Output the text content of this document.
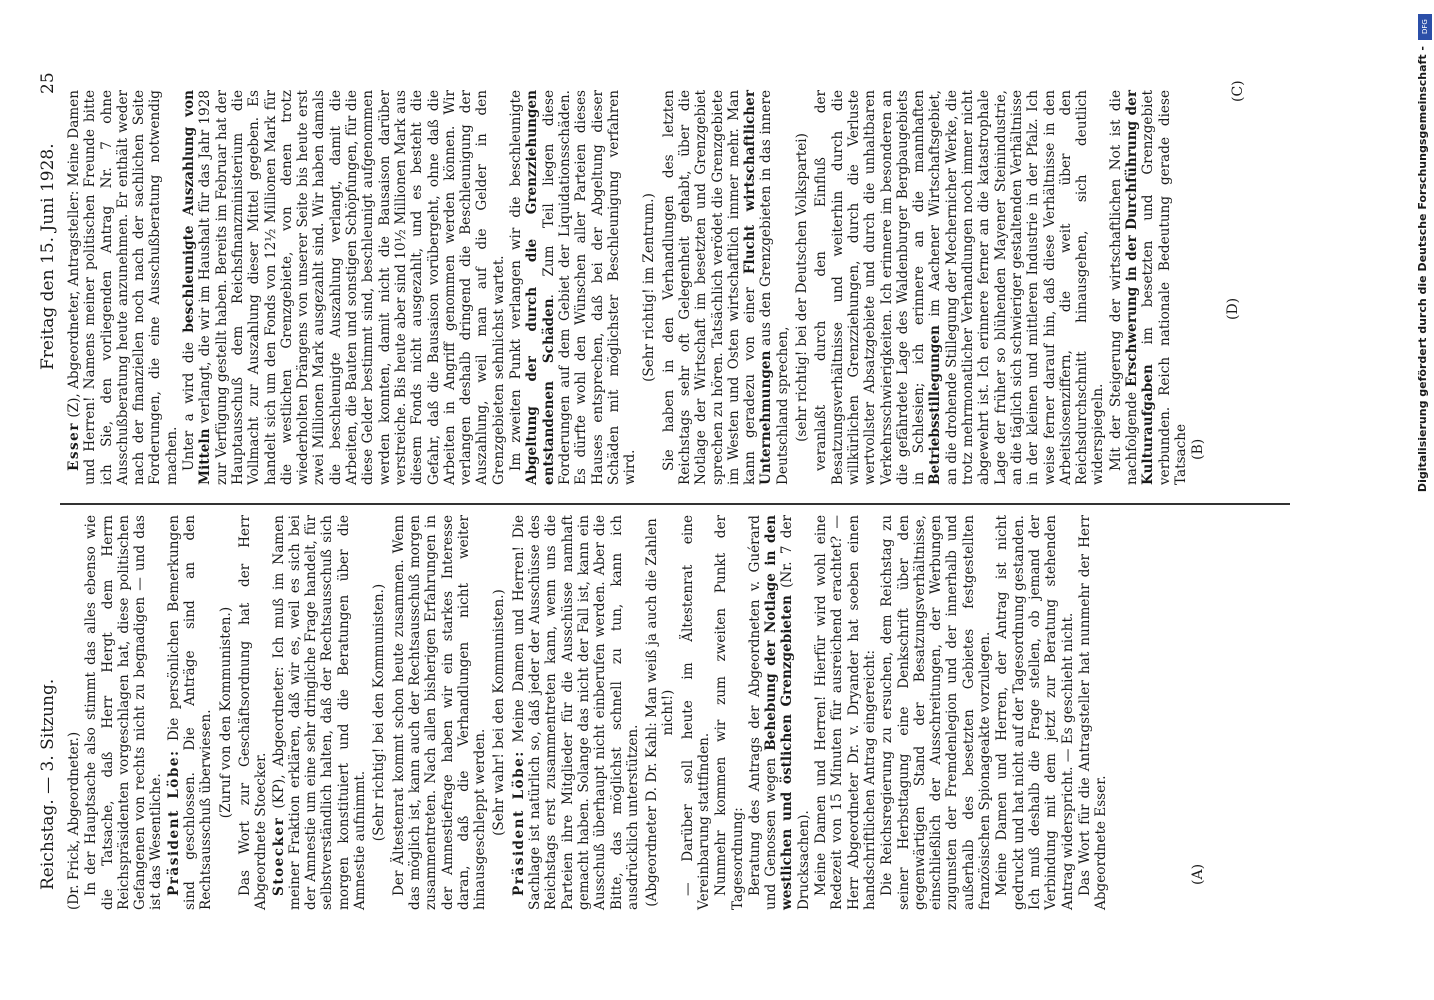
Reichstag. — 3. Sitzung.
Freitag den 15. Juni 1928.
25
(A)
(B)
(C)
(D)

(Dr. Frick, Abgeordneter.) In der Hauptsache also stimmt das alles ebenso wie die Tatsache, daß Herr Hergt dem Herrn Reichspräsidenten vorgeschlagen hat, diese politischen Gefangenen von rechts nicht zu begnadigen — und das ist das Wesentliche. Präsident Löbe: Die persönlichen Bemerkungen sind geschlossen. Die Anträge sind an den Rechtsausschuß überwiesen. (Zuruf von den Kommunisten.) Das Wort zur Geschäftsordnung hat der Herr Abgeordnete Stoecker. Stoecker (KP), Abgeordneter: Ich muß im Namen meiner Fraktion erklären, daß wir es, weil es sich bei der Amnestie um eine sehr dringliche Frage handelt, für selbstverständlich halten, daß der Rechtsausschuß sich morgen konstituiert und die Beratungen über die Amnestie aufnimmt. (Sehr richtig! bei den Kommunisten.) Der Ältestenrat kommt schon heute zusammen. Wenn das möglich ist, kann auch der Rechtsausschuß morgen zusammentreten. Nach allen bisherigen Erfahrungen in der Amnestiefrage haben wir ein starkes Interesse daran, daß die Verhandlungen nicht weiter hinausgeschleppt werden. (Sehr wahr! bei den Kommunisten.) Präsident Löbe: Meine Damen und Herren! Die Sachlage ist natürlich so, daß jeder der Ausschüsse des Reichstags erst zusammentreten kann, wenn uns die Parteien ihre Mitglieder für die Ausschüsse namhaft gemacht haben. Solange das nicht der Fall ist, kann ein Ausschuß überhaupt nicht einberufen werden. Aber die Bitte, das möglichst schnell zu tun, kann ich ausdrücklich unterstützen. (Abgeordneter D. Dr. Kahl: Man weiß ja auch die Zahlen nicht!) — Darüber soll heute im Ältestenrat eine Vereinbarung stattfinden. Nunmehr kommen wir zum zweiten Punkt der Tagesordnung: Beratung des Antrags der Abgeordneten v. Guérard und Genossen wegen Behebung der Notlage in den westlichen und östlichen Grenzgebieten (Nr. 7 der Drucksachen). Meine Damen und Herren! Hierfür wird wohl eine Redezeit von 15 Minuten für ausreichend erachtet? — Herr Abgeordneter Dr. v. Dryander hat soeben einen handschriftlichen Antrag eingereicht: Die Reichsregierung zu ersuchen, dem Reichstag zu seiner Herbsttagung eine Denkschrift über den gegenwärtigen Stand der Besatzungsverhältnisse, einschließlich der Ausschreitungen, der Werbungen zugunsten der Fremdenlegion und der innerhalb und außerhalb des besetzten Gebietes festgestellten französischen Spionageakte vorzulegen. Meine Damen und Herren, der Antrag ist nicht gedruckt und hat nicht auf der Tagesordnung gestanden. Ich muß deshalb die Frage stellen, ob jemand der Verbindung mit dem jetzt zur Beratung stehenden Antrag widerspricht. — Es geschieht nicht. Das Wort für die Antragsteller hat nunmehr der Herr Abgeordnete Esser.

Esser (Z), Abgeordneter, Antragsteller: Meine Damen und Herren! Namens meiner politischen Freunde bitte ich Sie, den vorliegenden Antrag Nr. 7 ohne Ausschußberatung heute anzunehmen. Er enthält weder nach der finanziellen noch nach der sachlichen Seite Forderungen, die eine Ausschußberatung notwendig machen. Unter a wird die beschleunigte Auszahlung von Mitteln verlangt, die wir im Haushalt für das Jahr 1928 zur Verfügung gestellt haben. Bereits im Februar hat der Hauptausschuß dem Reichsfinanzministerium die Vollmacht zur Auszahlung dieser Mittel gegeben. Es handelt sich um den Fonds von 12½ Millionen Mark für die westlichen Grenzgebiete, von denen trotz wiederholten Drängens von unserer Seite bis heute erst zwei Millionen Mark ausgezahlt sind. Wir haben damals die beschleunigte Auszahlung verlangt, damit die Arbeiten, die Bauten und sonstigen Schöpfungen, für die diese Gelder bestimmt sind, beschleunigt aufgenommen werden konnten, damit nicht die Bausaison darüber verstreiche. Bis heute aber sind 10½ Millionen Mark aus diesem Fonds nicht ausgezahlt, und es besteht die Gefahr, daß die Bausaison vorübergeht, ohne daß die Arbeiten in Angriff genommen werden können. Wir verlangen deshalb dringend die Beschleunigung der Auszahlung, weil man auf die Gelder in den Grenzgebieten sehnlichst wartet. Im zweiten Punkt verlangen wir die beschleunigte Abgeltung der durch die Grenzziehungen entstandenen Schäden. Zum Teil liegen diese Forderungen auf dem Gebiet der Liquidationsschäden. Es dürfte wohl den Wünschen aller Parteien dieses Hauses entsprechen, daß bei der Abgeltung dieser Schäden mit möglichster Beschleunigung verfahren wird.

(Sehr richtig! im Zentrum.) Sie haben in den Verhandlungen des letzten Reichstags sehr oft Gelegenheit gehabt, über die Notlage der Wirtschaft im besetzten und Grenzgebiet sprechen zu hören. Tatsächlich verödet die Grenzgebiete im Westen und Osten wirtschaftlich immer mehr. Man kann geradezu von einer Flucht wirtschaftlicher Unternehmungen aus den Grenzgebieten in das innere Deutschland sprechen, (sehr richtig! bei der Deutschen Volkspartei) veranlaßt durch den Einfluß der Besatzungsverhältnisse und weiterhin durch die willkürlichen Grenzziehungen, durch die Verluste wertvollster Absatzgebiete und durch die unhaltbaren Verkehrsschwierigkeiten. Ich erinnere im besonderen an die gefährdete Lage des Waldenburger Bergbaugebiets in Schlesien; ich erinnere an die mannhaften Betriebsstillegungen im Aachener Wirtschaftsgebiet, an die drohende Stillegung der Mechernicher Werke, die trotz mehrmonatlicher Verhandlungen noch immer nicht abgewehrt ist. Ich erinnere ferner an die katastrophale Lage der früher so blühenden Mayener Steinindustrie, an die täglich sich schwieriger gestaltenden Verhältnisse in der kleinen und mittleren Industrie in der Pfalz. Ich weise ferner darauf hin, daß diese Verhältnisse in den Arbeitslosenziffern, die weit über den Reichsdurchschnitt hinausgehen, sich deutlich widerspiegeln. Mit der Steigerung der wirtschaftlichen Not ist die nachfolgende Erschwerung in der Durchführung der Kulturaufgaben im besetzten und Grenzgebiet verbunden. Reich nationale Bedeutung gerade diese Tatsache	Digitalisierung gefördert durch die Deutsche Forschungsgemeinschaft -
DFG
